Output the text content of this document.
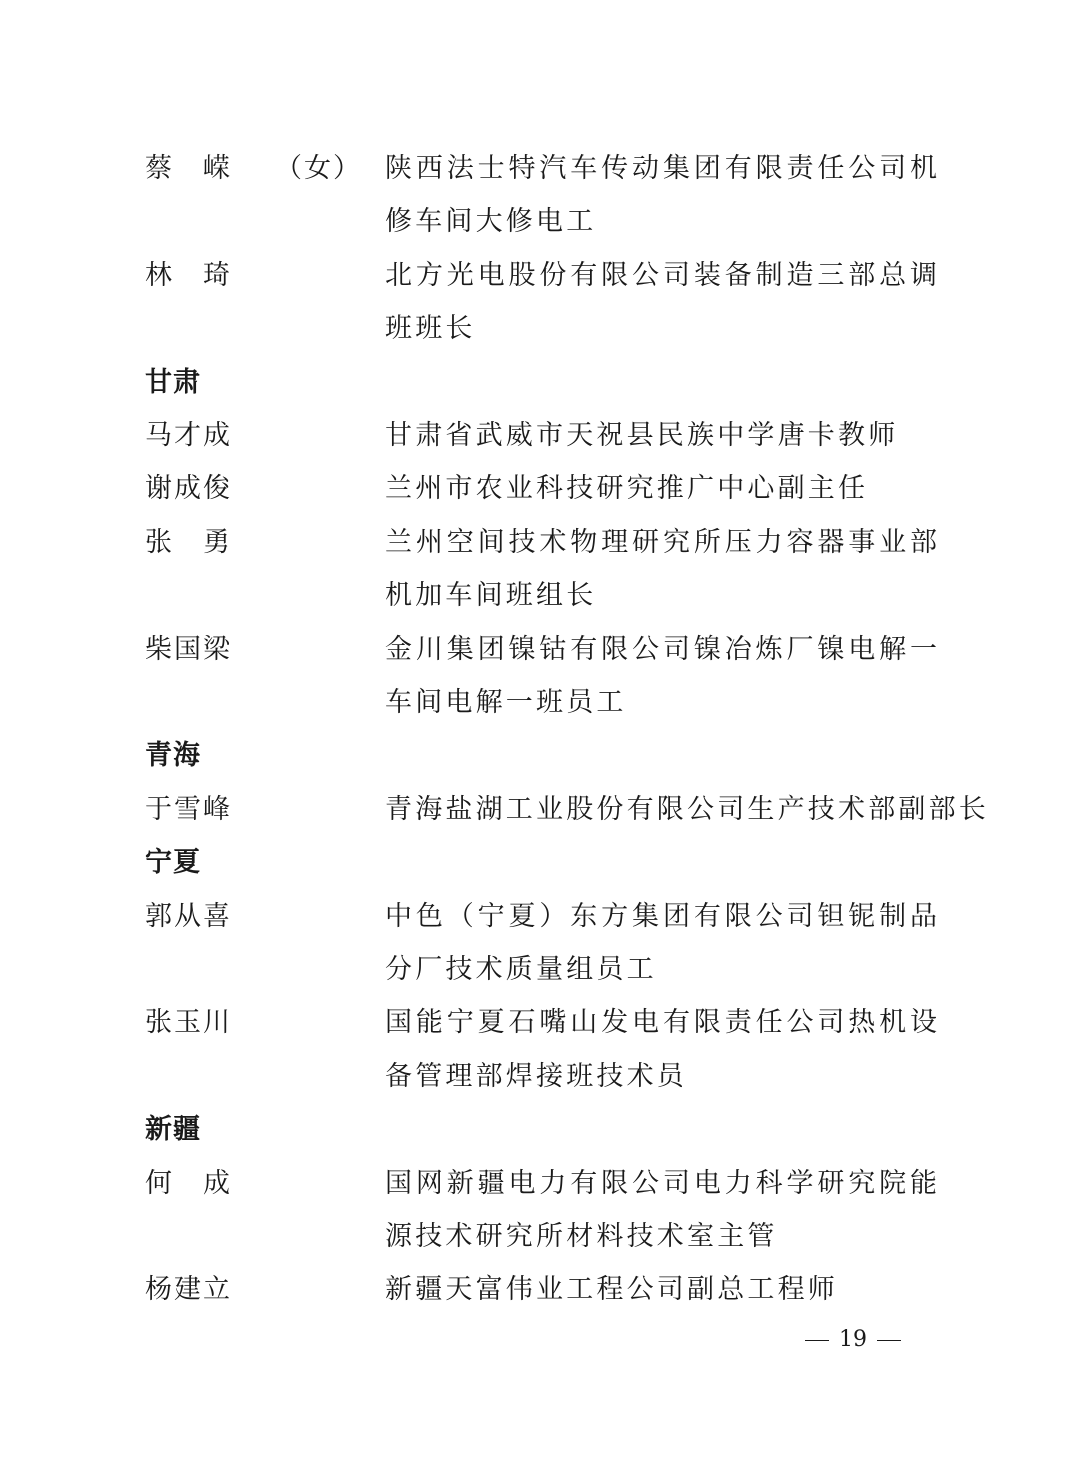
蔡　嵘 （女） 陕西法士特汽车传动集团有限责任公司机
修车间大修电工
林　琦	北方光电股份有限公司装备制造三部总调
班班长
甘肃
马才成	甘肃省武威市天祝县民族中学唐卡教师
谢成俊	兰州市农业科技研究推广中心副主任
张　勇	兰州空间技术物理研究所压力容器事业部
机加车间班组长
柴国梁	金川集团镍钴有限公司镍冶炼厂镍电解一
车间电解一班员工
青海
于雪峰	青海盐湖工业股份有限公司生产技术部副部长
宁夏
郭从喜	中色（宁夏）东方集团有限公司钽铌制品
分厂技术质量组员工
张玉川	国能宁夏石嘴山发电有限责任公司热机设
备管理部焊接班技术员
新疆
何　成	国网新疆电力有限公司电力科学研究院能
源技术研究所材料技术室主管
杨建立	新疆天富伟业工程公司副总工程师
19
